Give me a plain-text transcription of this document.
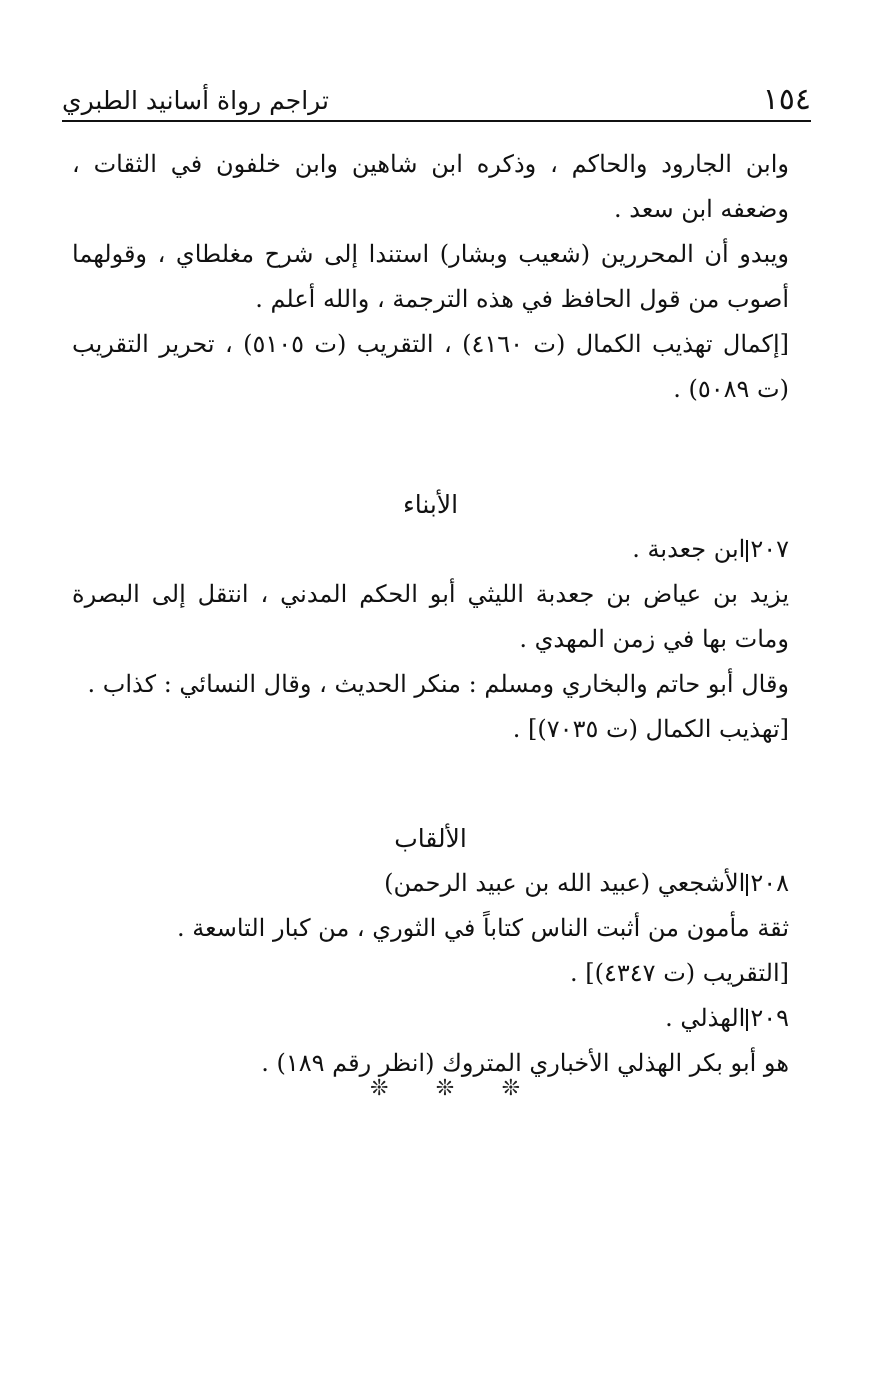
١٥٤
تراجم رواة أسانيد الطبري

وابن الجارود والحاكم ، وذكره ابن شاهين وابن خلفون في الثقات ، وضعفه ابن سعد .

ويبدو أن المحررين (شعيب وبشار) استندا إلى شرح مغلطاي ، وقولهما أصوب من قول الحافظ في هذه الترجمة ، والله أعلم .

[إكمال تهذيب الكمال (ت ٤١٦٠) ، التقريب (ت ٥١٠٥) ، تحرير التقريب (ت ٥٠٨٩) .

الأبناء

٢٠٧ابن جعدبة .

يزيد بن عياض بن جعدبة الليثي أبو الحكم المدني ، انتقل إلى البصرة ومات بها في زمن المهدي .

وقال أبو حاتم والبخاري ومسلم : منكر الحديث ، وقال النسائي : كذاب .

[تهذيب الكمال (ت ٧٠٣٥)] .

الألقاب

٢٠٨الأشجعي (عبيد الله بن عبيد الرحمن)

ثقة مأمون من أثبت الناس كتاباً في الثوري ، من كبار التاسعة .

[التقريب (ت ٤٣٤٧)] .

٢٠٩الهذلي .

هو أبو بكر الهذلي الأخباري المتروك (انظر رقم ١٨٩) .

❊ ❊ ❊
